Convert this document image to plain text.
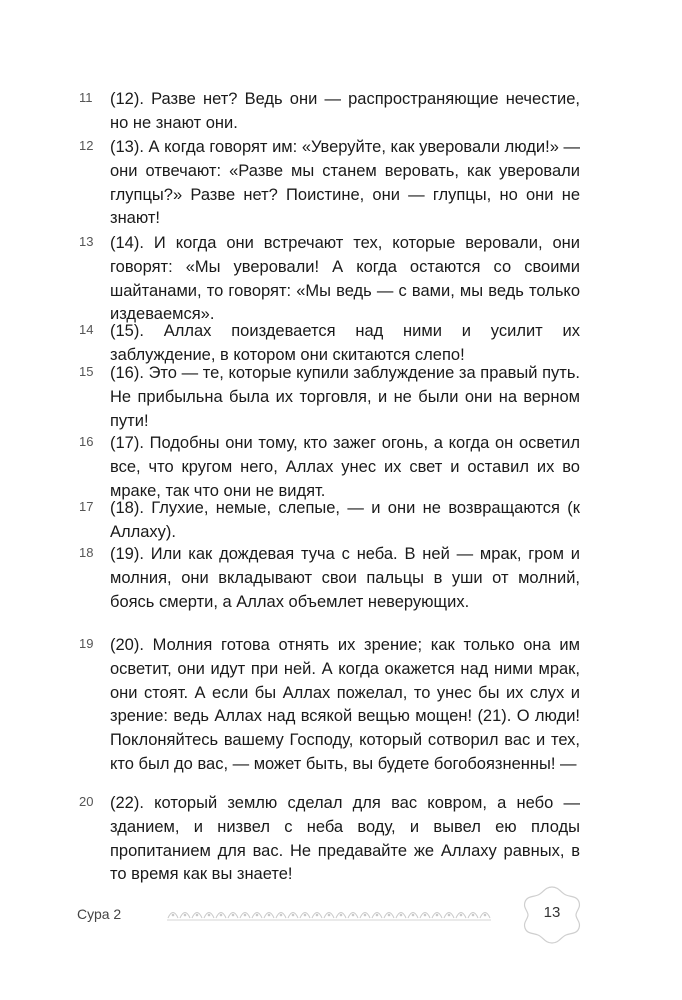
11 (12). Разве нет? Ведь они — распространяющие нечестие, но не знают они.
12 (13). А когда говорят им: «Уверуйте, как уверовали люди!» — они отвечают: «Разве мы станем веровать, как уверовали глупцы?» Разве нет? Поистине, они — глупцы, но они не знают!
13 (14). И когда они встречают тех, которые веровали, они говорят: «Мы уверовали! А когда остаются со своими шайтанами, то говорят: «Мы ведь — с вами, мы ведь только издеваемся».
14 (15). Аллах поиздевается над ними и усилит их заблуждение, в котором они скитаются слепо!
15 (16). Это — те, которые купили заблуждение за правый путь. Не прибыльна была их торговля, и не были они на верном пути!
16 (17). Подобны они тому, кто зажег огонь, а когда он осветил все, что кругом него, Аллах унес их свет и оставил их во мраке, так что они не видят.
17 (18). Глухие, немые, слепые, — и они не возвращаются (к Аллаху).
18 (19). Или как дождевая туча с неба. В ней — мрак, гром и молния, они вкладывают свои пальцы в уши от молний, боясь смерти, а Аллах объемлет неверующих.
19 (20). Молния готова отнять их зрение; как только она им осветит, они идут при ней. А когда окажется над ними мрак, они стоят. А если бы Аллах пожелал, то унес бы их слух и зрение: ведь Аллах над всякой вещью мощен! (21). О люди! Поклоняйтесь вашему Господу, который сотворил вас и тех, кто был до вас, — может быть, вы будете богобоязненны! —
20 (22). который землю сделал для вас ковром, а небо — зданием, и низвел с неба воду, и вывел ею плоды пропитанием для вас. Не предавайте же Аллаху равных, в то время как вы знаете!
Сура 2	13
